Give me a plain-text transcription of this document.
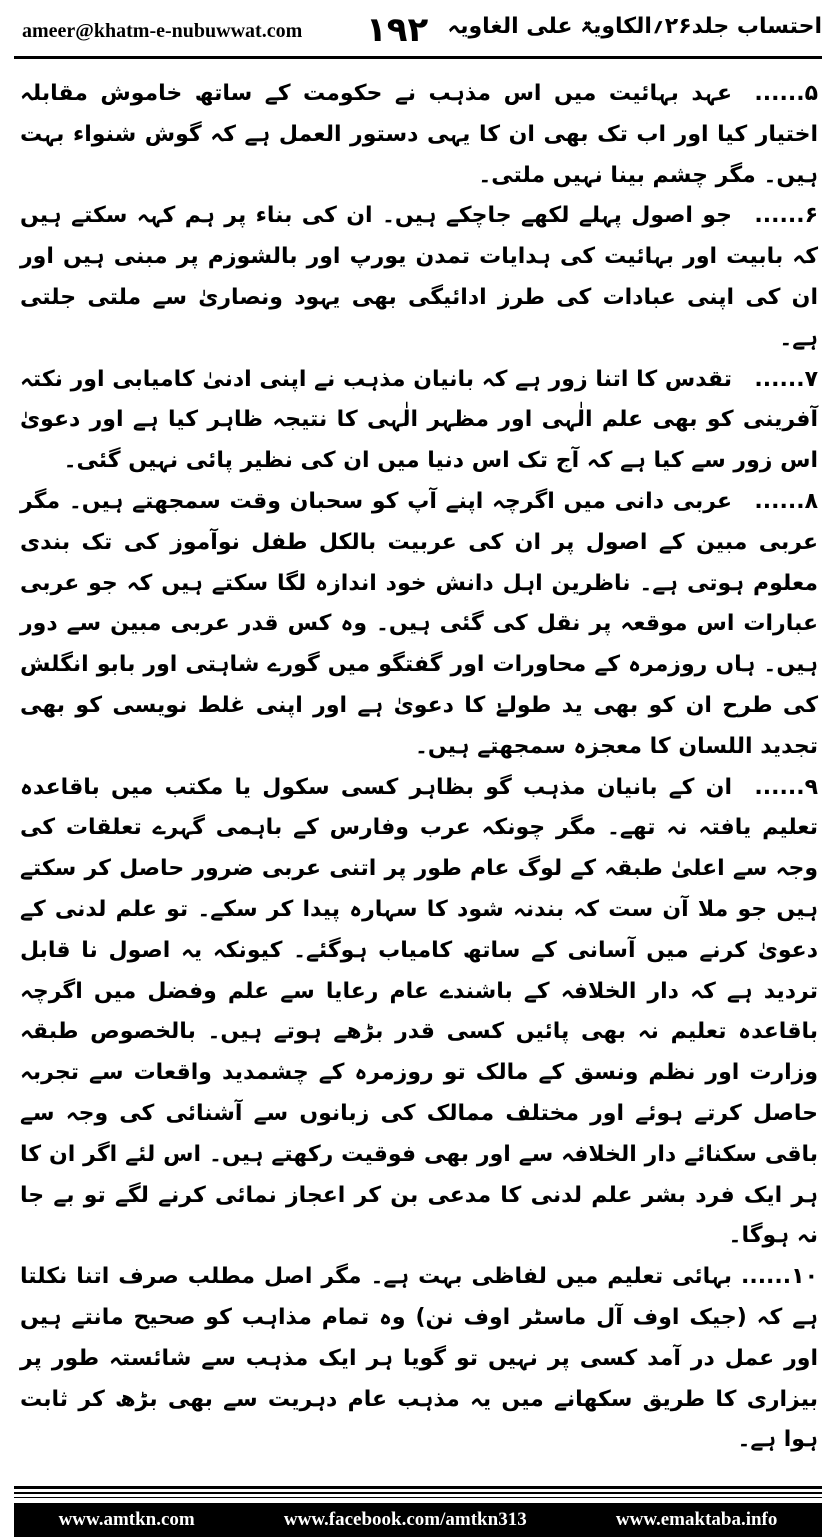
ameer@khatm-e-nubuwwat.com ۱۹۲ احتساب جلد۲۶؍الکاویۃ علی الغاویہ

۵......عہد بہائیت میں اس مذہب نے حکومت کے ساتھ خاموش مقابلہ اختیار کیا اور اب تک بھی ان کا یہی دستور العمل ہے کہ گوش شنواء بہت ہیں۔ مگر چشم بینا نہیں ملتی۔

۶......جو اصول پہلے لکھے جاچکے ہیں۔ ان کی بناء پر ہم کہہ سکتے ہیں کہ بابیت اور بہائیت کی ہدایات تمدن یورپ اور بالشوزم پر مبنی ہیں اور ان کی اپنی عبادات کی طرز ادائیگی بھی یہود ونصاریٰ سے ملتی جلتی ہے۔

۷......تقدس کا اتنا زور ہے کہ بانیان مذہب نے اپنی ادنیٰ کامیابی اور نکتہ آفرینی کو بھی علم الٰہی اور مظہر الٰہی کا نتیجہ ظاہر کیا ہے اور دعویٰ اس زور سے کیا ہے کہ آج تک اس دنیا میں ان کی نظیر پائی نہیں گئی۔

۸......عربی دانی میں اگرچہ اپنے آپ کو سحبان وقت سمجھتے ہیں۔ مگر عربی مبین کے اصول پر ان کی عربیت بالکل طفل نوآموز کی تک بندی معلوم ہوتی ہے۔ ناظرین اہل دانش خود اندازہ لگا سکتے ہیں کہ جو عربی عبارات اس موقعہ پر نقل کی گئی ہیں۔ وہ کس قدر عربی مبین سے دور ہیں۔ ہاں روزمرہ کے محاورات اور گفتگو میں گورے شاہتی اور بابو انگلش کی طرح ان کو بھی ید طولےٰ کا دعویٰ ہے اور اپنی غلط نویسی کو بھی تجدید اللسان کا معجزہ سمجھتے ہیں۔

۹......ان کے بانیان مذہب گو بظاہر کسی سکول یا مکتب میں باقاعدہ تعلیم یافتہ نہ تھے۔ مگر چونکہ عرب وفارس کے باہمی گہرے تعلقات کی وجہ سے اعلیٰ طبقہ کے لوگ عام طور پر اتنی عربی ضرور حاصل کر سکتے ہیں جو ملا آن ست کہ بندنہ شود کا سہارہ پیدا کر سکے۔ تو علم لدنی کے دعویٰ کرنے میں آسانی کے ساتھ کامیاب ہوگئے۔ کیونکہ یہ اصول نا قابل تردید ہے کہ دار الخلافہ کے باشندے عام رعایا سے علم وفضل میں اگرچہ باقاعدہ تعلیم نہ بھی پائیں کسی قدر بڑھے ہوتے ہیں۔ بالخصوص طبقہ وزارت اور نظم ونسق کے مالک تو روزمرہ کے چشمدید واقعات سے تجربہ حاصل کرتے ہوئے اور مختلف ممالک کی زبانوں سے آشنائی کی وجہ سے باقی سکنائے دار الخلافہ سے اور بھی فوقیت رکھتے ہیں۔ اس لئے اگر ان کا ہر ایک فرد بشر علم لدنی کا مدعی بن کر اعجاز نمائی کرنے لگے تو بے جا نہ ہوگا۔

۱۰......بہائی تعلیم میں لفاظی بہت ہے۔ مگر اصل مطلب صرف اتنا نکلتا ہے کہ (جیک اوف آل ماسٹر اوف نن) وہ تمام مذاہب کو صحیح مانتے ہیں اور عمل در آمد کسی پر نہیں تو گویا ہر ایک مذہب سے شائستہ طور پر بیزاری کا طریق سکھانے میں یہ مذہب عام دہریت سے بھی بڑھ کر ثابت ہوا ہے۔

www.amtkn.com	www.facebook.com/amtkn313	www.emaktaba.info
